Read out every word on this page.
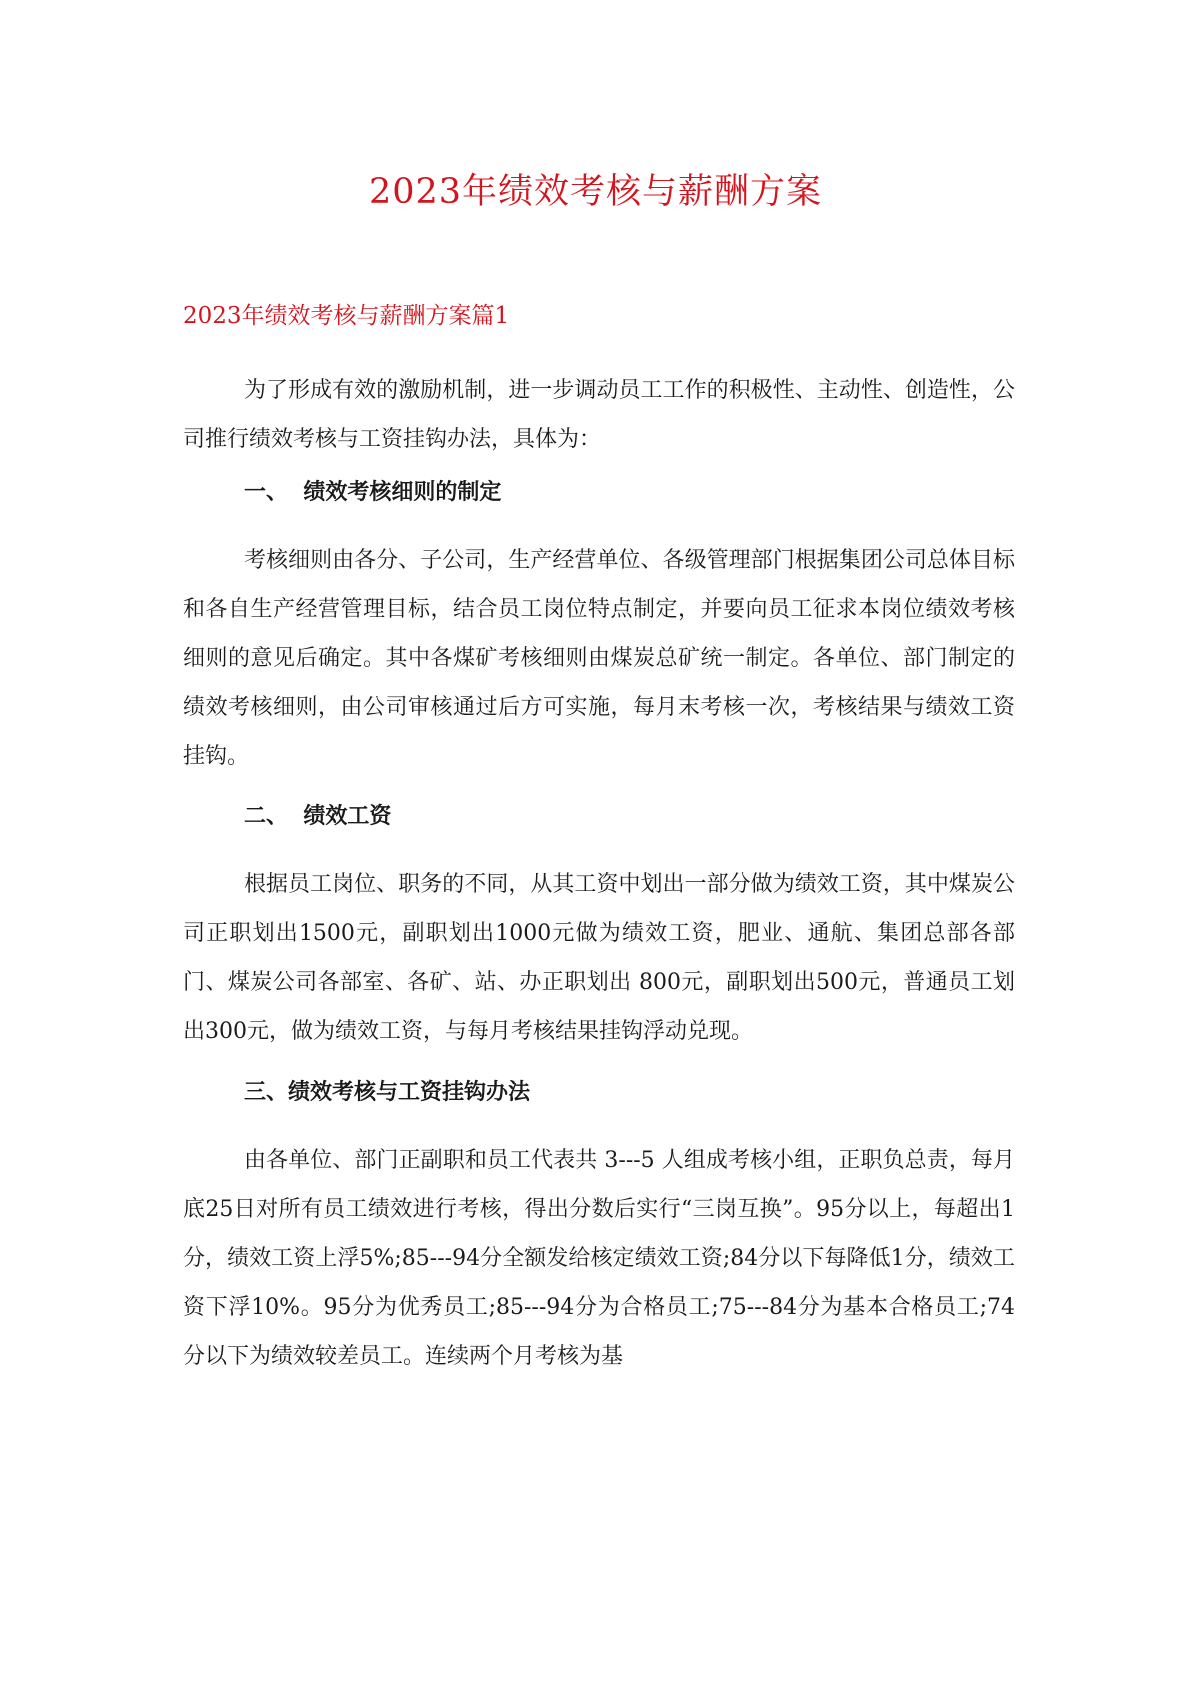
2023年绩效考核与薪酬方案
2023年绩效考核与薪酬方案篇1

为了形成有效的激励机制，进一步调动员工工作的积极性、主动性、创造性，公司推行绩效考核与工资挂钩办法，具体为：

一、  绩效考核细则的制定

考核细则由各分、子公司，生产经营单位、各级管理部门根据集团公司总体目标和各自生产经营管理目标，结合员工岗位特点制定，并要向员工征求本岗位绩效考核细则的意见后确定。其中各煤矿考核细则由煤炭总矿统一制定。各单位、部门制定的绩效考核细则，由公司审核通过后方可实施，每月末考核一次，考核结果与绩效工资挂钩。

二、  绩效工资

根据员工岗位、职务的不同，从其工资中划出一部分做为绩效工资，其中煤炭公司正职划出1500元，副职划出1000元做为绩效工资，肥业、通航、集团总部各部门、煤炭公司各部室、各矿、站、办正职划出 800元，副职划出500元，普通员工划出300元，做为绩效工资，与每月考核结果挂钩浮动兑现。

三、绩效考核与工资挂钩办法

由各单位、部门正副职和员工代表共 3---5 人组成考核小组，正职负总责，每月底25日对所有员工绩效进行考核，得出分数后实行“三岗互换”。95分以上，每超出1分，绩效工资上浮5%;85---94分全额发给核定绩效工资;84分以下每降低1分，绩效工资下浮10%。95分为优秀员工;85---94分为合格员工;75---84分为基本合格员工;74分以下为绩效较差员工。连续两个月考核为基
